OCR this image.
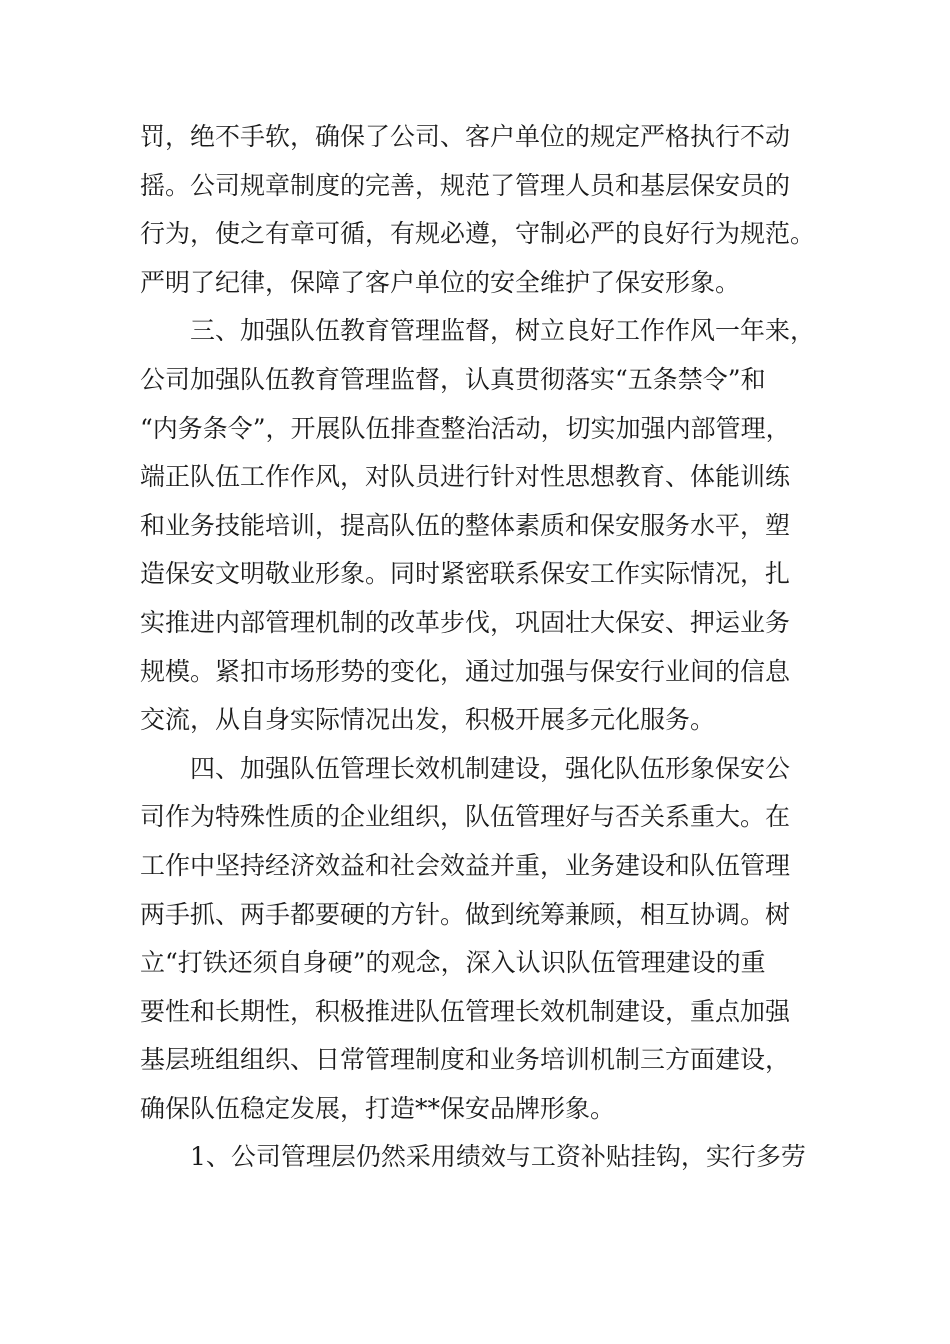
罚，绝不手软，确保了公司、客户单位的规定严格执行不动
摇。公司规章制度的完善，规范了管理人员和基层保安员的
行为，使之有章可循，有规必遵，守制必严的良好行为规范。
严明了纪律，保障了客户单位的安全维护了保安形象。
三、加强队伍教育管理监督，树立良好工作作风一年来，
公司加强队伍教育管理监督，认真贯彻落实“五条禁令”和
“内务条令”，开展队伍排查整治活动，切实加强内部管理，
端正队伍工作作风，对队员进行针对性思想教育、体能训练
和业务技能培训，提高队伍的整体素质和保安服务水平，塑
造保安文明敬业形象。同时紧密联系保安工作实际情况，扎
实推进内部管理机制的改革步伐，巩固壮大保安、押运业务
规模。紧扣市场形势的变化，通过加强与保安行业间的信息
交流，从自身实际情况出发，积极开展多元化服务。
四、加强队伍管理长效机制建设，强化队伍形象保安公
司作为特殊性质的企业组织，队伍管理好与否关系重大。在
工作中坚持经济效益和社会效益并重，业务建设和队伍管理
两手抓、两手都要硬的方针。做到统筹兼顾，相互协调。树
立“打铁还须自身硬”的观念，深入认识队伍管理建设的重
要性和长期性，积极推进队伍管理长效机制建设，重点加强
基层班组组织、日常管理制度和业务培训机制三方面建设，
确保队伍稳定发展，打造**保安品牌形象。
1、公司管理层仍然采用绩效与工资补贴挂钩，实行多劳
